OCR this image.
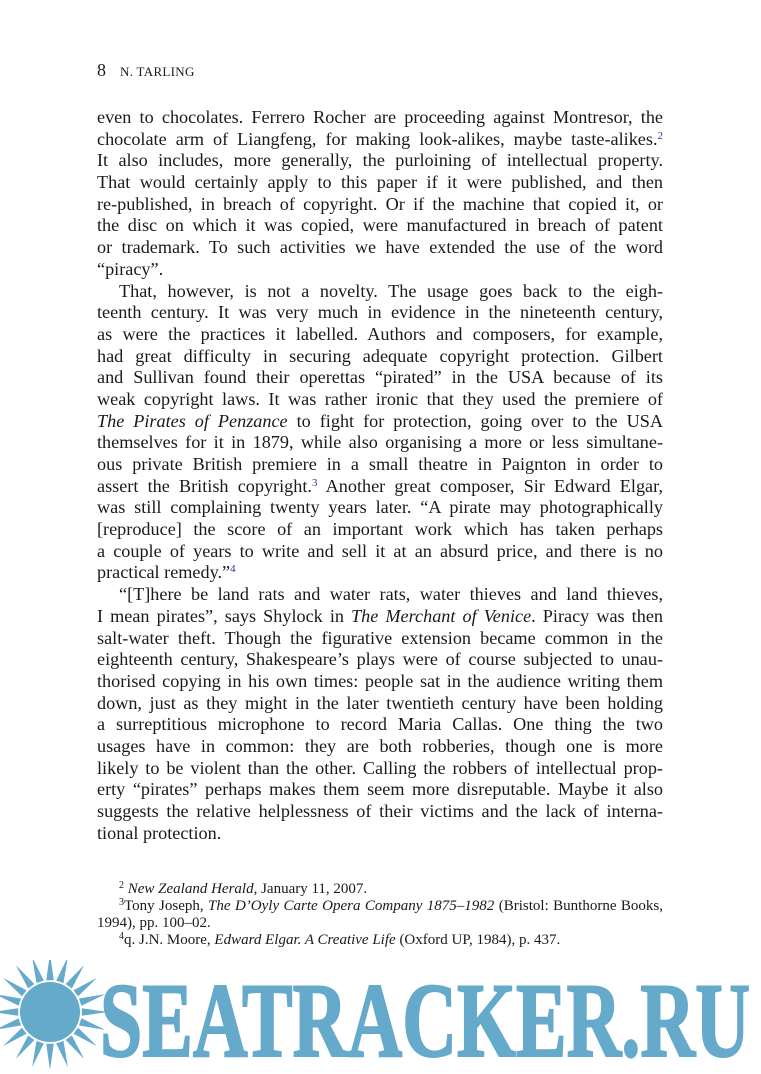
8 N. TARLING
even to chocolates. Ferrero Rocher are proceeding against Montresor, the
chocolate arm of Liangfeng, for making look-alikes, maybe taste-alikes.$^2$
It also includes, more generally, the purloining of intellectual property.
That would certainly apply to this paper if it were published, and then
re-published, in breach of copyright. Or if the machine that copied it, or
the disc on which it was copied, were manufactured in breach of patent
or trademark. To such activities we have extended the use of the word
“piracy”.
That, however, is not a novelty. The usage goes back to the eigh-
teenth century. It was very much in evidence in the nineteenth century,
as were the practices it labelled. Authors and composers, for example,
had great difficulty in securing adequate copyright protection. Gilbert
and Sullivan found their operettas “pirated” in the USA because of its
weak copyright laws. It was rather ironic that they used the premiere of
The Pirates of Penzance to fight for protection, going over to the USA
themselves for it in 1879, while also organising a more or less simultane-
ous private British premiere in a small theatre in Paignton in order to
assert the British copyright.$^3$ Another great composer, Sir Edward Elgar,
was still complaining twenty years later. “A pirate may photographically
[reproduce] the score of an important work which has taken perhaps
a couple of years to write and sell it at an absurd price, and there is no
practical remedy.”$^4$
“[T]here be land rats and water rats, water thieves and land thieves,
I mean pirates”, says Shylock in The Merchant of Venice. Piracy was then
salt-water theft. Though the figurative extension became common in the
eighteenth century, Shakespeare’s plays were of course subjected to unau-
thorised copying in his own times: people sat in the audience writing them
down, just as they might in the later twentieth century have been holding
a surreptitious microphone to record Maria Callas. One thing the two
usages have in common: they are both robberies, though one is more
likely to be violent than the other. Calling the robbers of intellectual prop-
erty “pirates” perhaps makes them seem more disreputable. Maybe it also
suggests the relative helplessness of their victims and the lack of interna-
tional protection.
$^2$ New Zealand Herald, January 11, 2007.
$^3$Tony Joseph, The D’Oyly Carte Opera Company 1875–1982 (Bristol: Bunthorne Books,
1994), pp. 100–02.
$^4$q. J.N. Moore, Edward Elgar. A Creative Life (Oxford UP, 1984), p. 437.
SEATRACKER.RU
